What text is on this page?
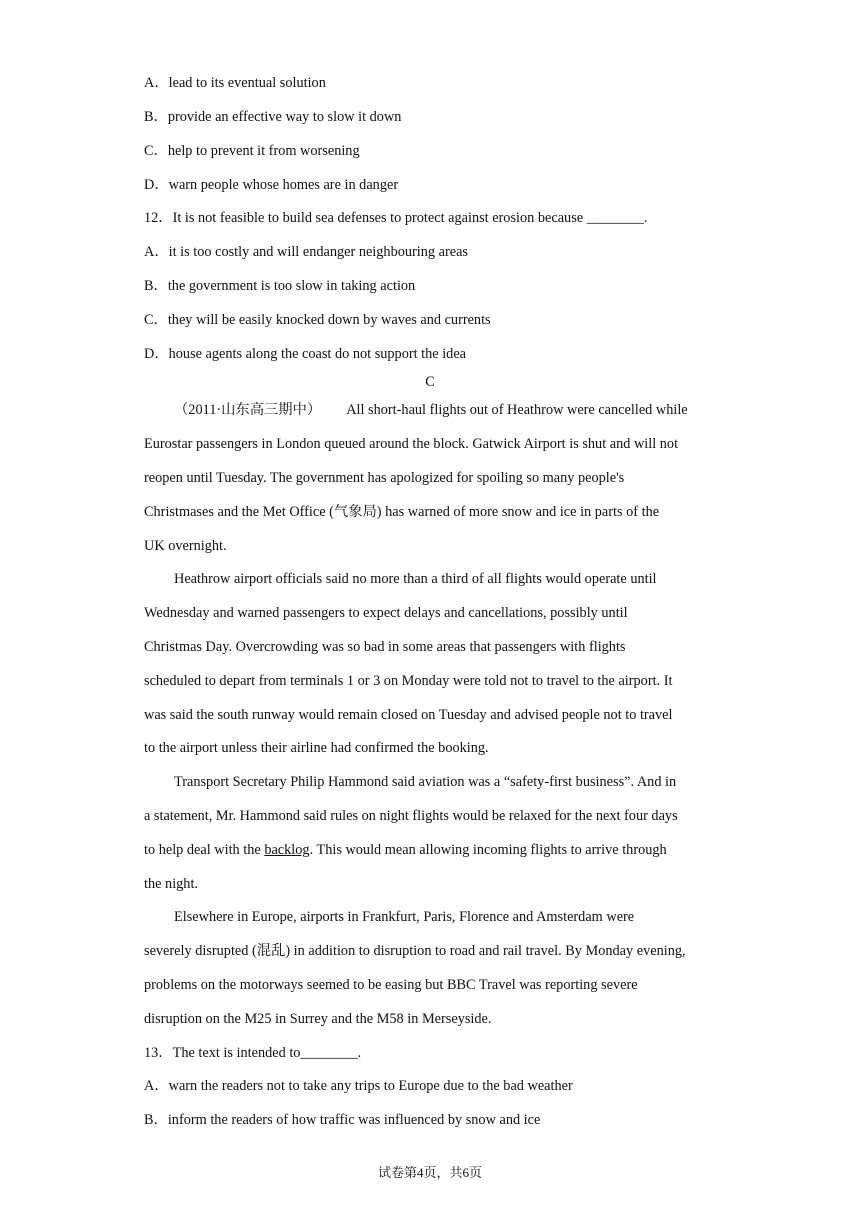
A．lead to its eventual solution
B．provide an effective way to slow it down
C．help to prevent it from worsening
D．warn people whose homes are in danger
12．It is not feasible to build sea defenses to protect against erosion because ________.
A．it is too costly and will endanger neighbouring areas
B．the government is too slow in taking action
C．they will be easily knocked down by waves and currents
D．house agents along the coast do not support the idea
C
（2011·山东高三期中）       All short-haul flights out of Heathrow were cancelled while
Eurostar passengers in London queued around the block. Gatwick Airport is shut and will not
reopen until Tuesday. The government has apologized for spoiling so many people's
Christmases and the Met Office (气象局) has warned of more snow and ice in parts of the
UK overnight.
Heathrow airport officials said no more than a third of all flights would operate until
Wednesday and warned passengers to expect delays and cancellations, possibly until
Christmas Day. Overcrowding was so bad in some areas that passengers with flights
scheduled to depart from terminals 1 or 3 on Monday were told not to travel to the airport. It
was said the south runway would remain closed on Tuesday and advised people not to travel
to the airport unless their airline had confirmed the booking.
Transport Secretary Philip Hammond said aviation was a “safety-first business”. And in
a statement, Mr. Hammond said rules on night flights would be relaxed for the next four days
to help deal with the backlog. This would mean allowing incoming flights to arrive through
the night.
Elsewhere in Europe, airports in Frankfurt, Paris, Florence and Amsterdam were
severely disrupted (混乱) in addition to disruption to road and rail travel. By Monday evening,
problems on the motorways seemed to be easing but BBC Travel was reporting severe
disruption on the M25 in Surrey and the M58 in Merseyside.
13．The text is intended to________.
A．warn the readers not to take any trips to Europe due to the bad weather
B．inform the readers of how traffic was influenced by snow and ice
试卷第4页，共6页
